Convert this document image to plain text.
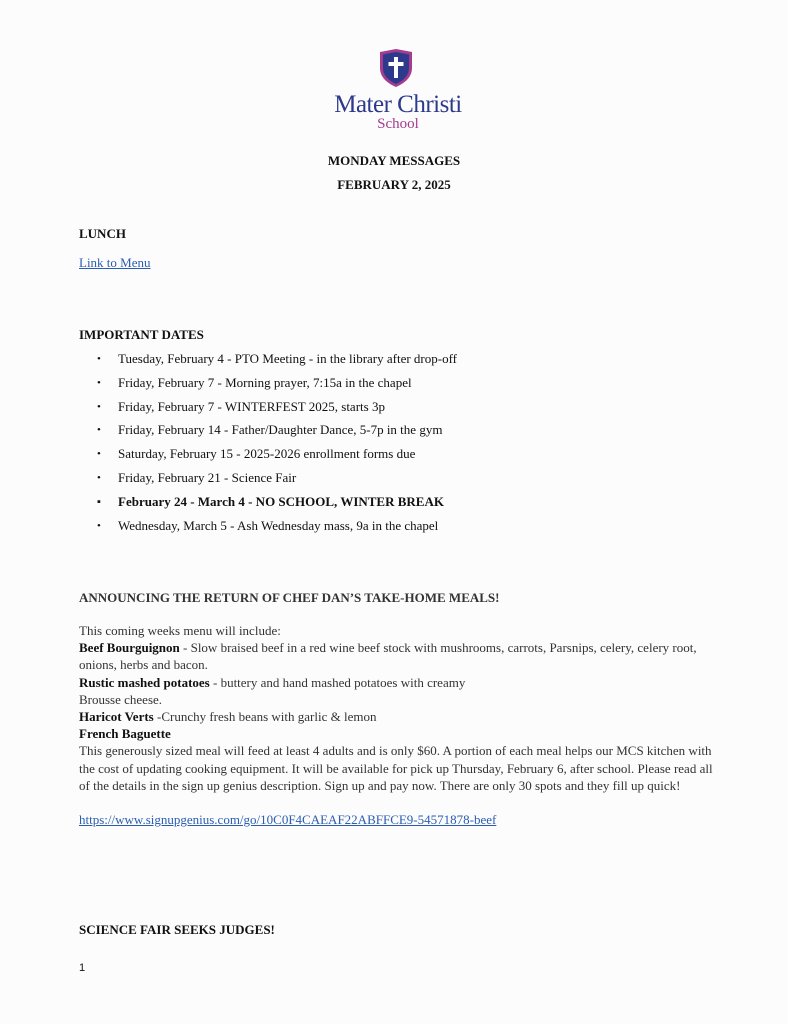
Mater Christi
School
MONDAY MESSAGES
FEBRUARY 2, 2025
LUNCH
Link to Menu
IMPORTANT DATES
• Tuesday, February 4 - PTO Meeting - in the library after drop-off
• Friday, February 7 - Morning prayer, 7:15a in the chapel
• Friday, February 7 - WINTERFEST 2025, starts 3p
• Friday, February 14 - Father/Daughter Dance, 5-7p in the gym
• Saturday, February 15 - 2025-2026 enrollment forms due
• Friday, February 21 - Science Fair
▪ February 24 - March 4 - NO SCHOOL, WINTER BREAK
• Wednesday, March 5 - Ash Wednesday mass, 9a in the chapel
ANNOUNCING THE RETURN OF CHEF DAN’S TAKE-HOME MEALS!
This coming weeks menu will include:
Beef Bourguignon - Slow braised beef in a red wine beef stock with mushrooms, carrots, Parsnips, celery, celery root, onions, herbs and bacon.
Rustic mashed potatoes - buttery and hand mashed potatoes with creamy
Brousse cheese.
Haricot Verts -Crunchy fresh beans with garlic & lemon
French Baguette
This generously sized meal will feed at least 4 adults and is only $60. A portion of each meal helps our MCS kitchen with the cost of updating cooking equipment. It will be available for pick up Thursday, February 6, after school. Please read all of the details in the sign up genius description. Sign up and pay now. There are only 30 spots and they fill up quick!
https://www.signupgenius.com/go/10C0F4CAEAF22ABFFCE9-54571878-beef
SCIENCE FAIR SEEKS JUDGES!
1
